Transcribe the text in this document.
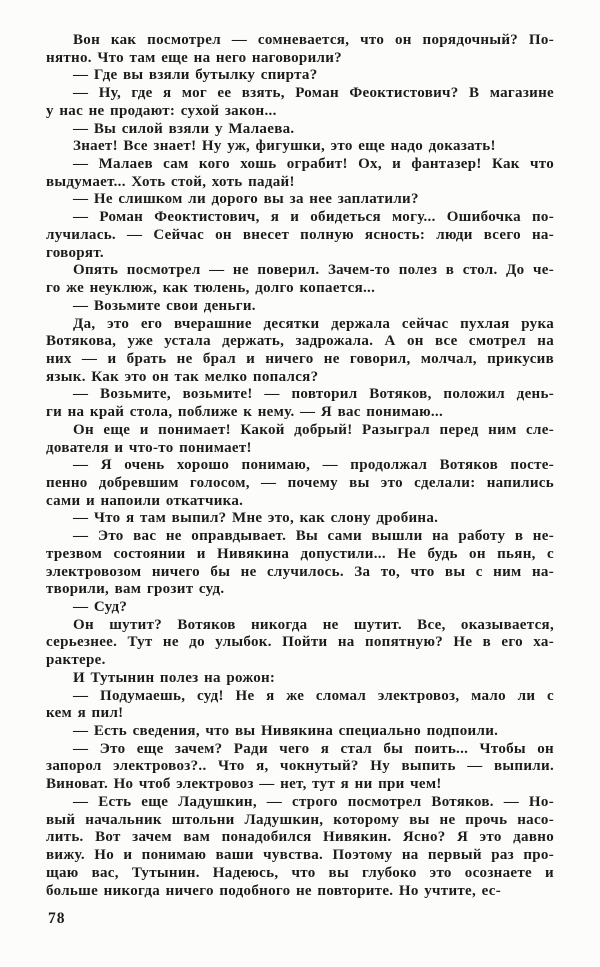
Вон как посмотрел — сомневается, что он порядочный? По-
нятно. Что там еще на него наговорили?
— Где вы взяли бутылку спирта?
— Ну, где я мог ее взять, Роман Феоктистович? В магазине
у нас не продают: сухой закон...
— Вы силой взяли у Малаева.
Знает! Все знает! Ну уж, фигушки, это еще надо доказать!
— Малаев сам кого хошь ограбит! Ох, и фантазер! Как что
выдумает... Хоть стой, хоть падай!
— Не слишком ли дорого вы за нее заплатили?
— Роман Феоктистович, я и обидеться могу... Ошибочка по-
лучилась. — Сейчас он внесет полную ясность: люди всего на-
говорят.
Опять посмотрел — не поверил. Зачем-то полез в стол. До че-
го же неуклюж, как тюлень, долго копается...
— Возьмите свои деньги.
Да, это его вчерашние десятки держала сейчас пухлая рука
Вотякова, уже устала держать, задрожала. А он все смотрел на
них — и брать не брал и ничего не говорил, молчал, прикусив
язык. Как это он так мелко попался?
— Возьмите, возьмите! — повторил Вотяков, положил день-
ги на край стола, поближе к нему. — Я вас понимаю...
Он еще и понимает! Какой добрый! Разыграл перед ним сле-
дователя и что-то понимает!
— Я очень хорошо понимаю, — продолжал Вотяков посте-
пенно добревшим голосом, — почему вы это сделали: напились
сами и напоили откатчика.
— Что я там выпил? Мне это, как слону дробина.
— Это вас не оправдывает. Вы сами вышли на работу в не-
трезвом состоянии и Нивякина допустили... Не будь он пьян, с
электровозом ничего бы не случилось. За то, что вы с ним на-
творили, вам грозит суд.
— Суд?
Он шутит? Вотяков никогда не шутит. Все, оказывается,
серьезнее. Тут не до улыбок. Пойти на попятную? Не в его ха-
рактере.
И Тутынин полез на рожон:
— Подумаешь, суд! Не я же сломал электровоз, мало ли с
кем я пил!
— Есть сведения, что вы Нивякина специально подпоили.
— Это еще зачем? Ради чего я стал бы поить... Чтобы он
запорол электровоз?.. Что я, чокнутый? Ну выпить — выпили.
Виноват. Но чтоб электровоз — нет, тут я ни при чем!
— Есть еще Ладушкин, — строго посмотрел Вотяков. — Но-
вый начальник штольни Ладушкин, которому вы не прочь насо-
лить. Вот зачем вам понадобился Нивякин. Ясно? Я это давно
вижу. Но и понимаю ваши чувства. Поэтому на первый раз про-
щаю вас, Тутынин. Надеюсь, что вы глубоко это осознаете и
больше никогда ничего подобного не повторите. Но учтите, ес-
78
